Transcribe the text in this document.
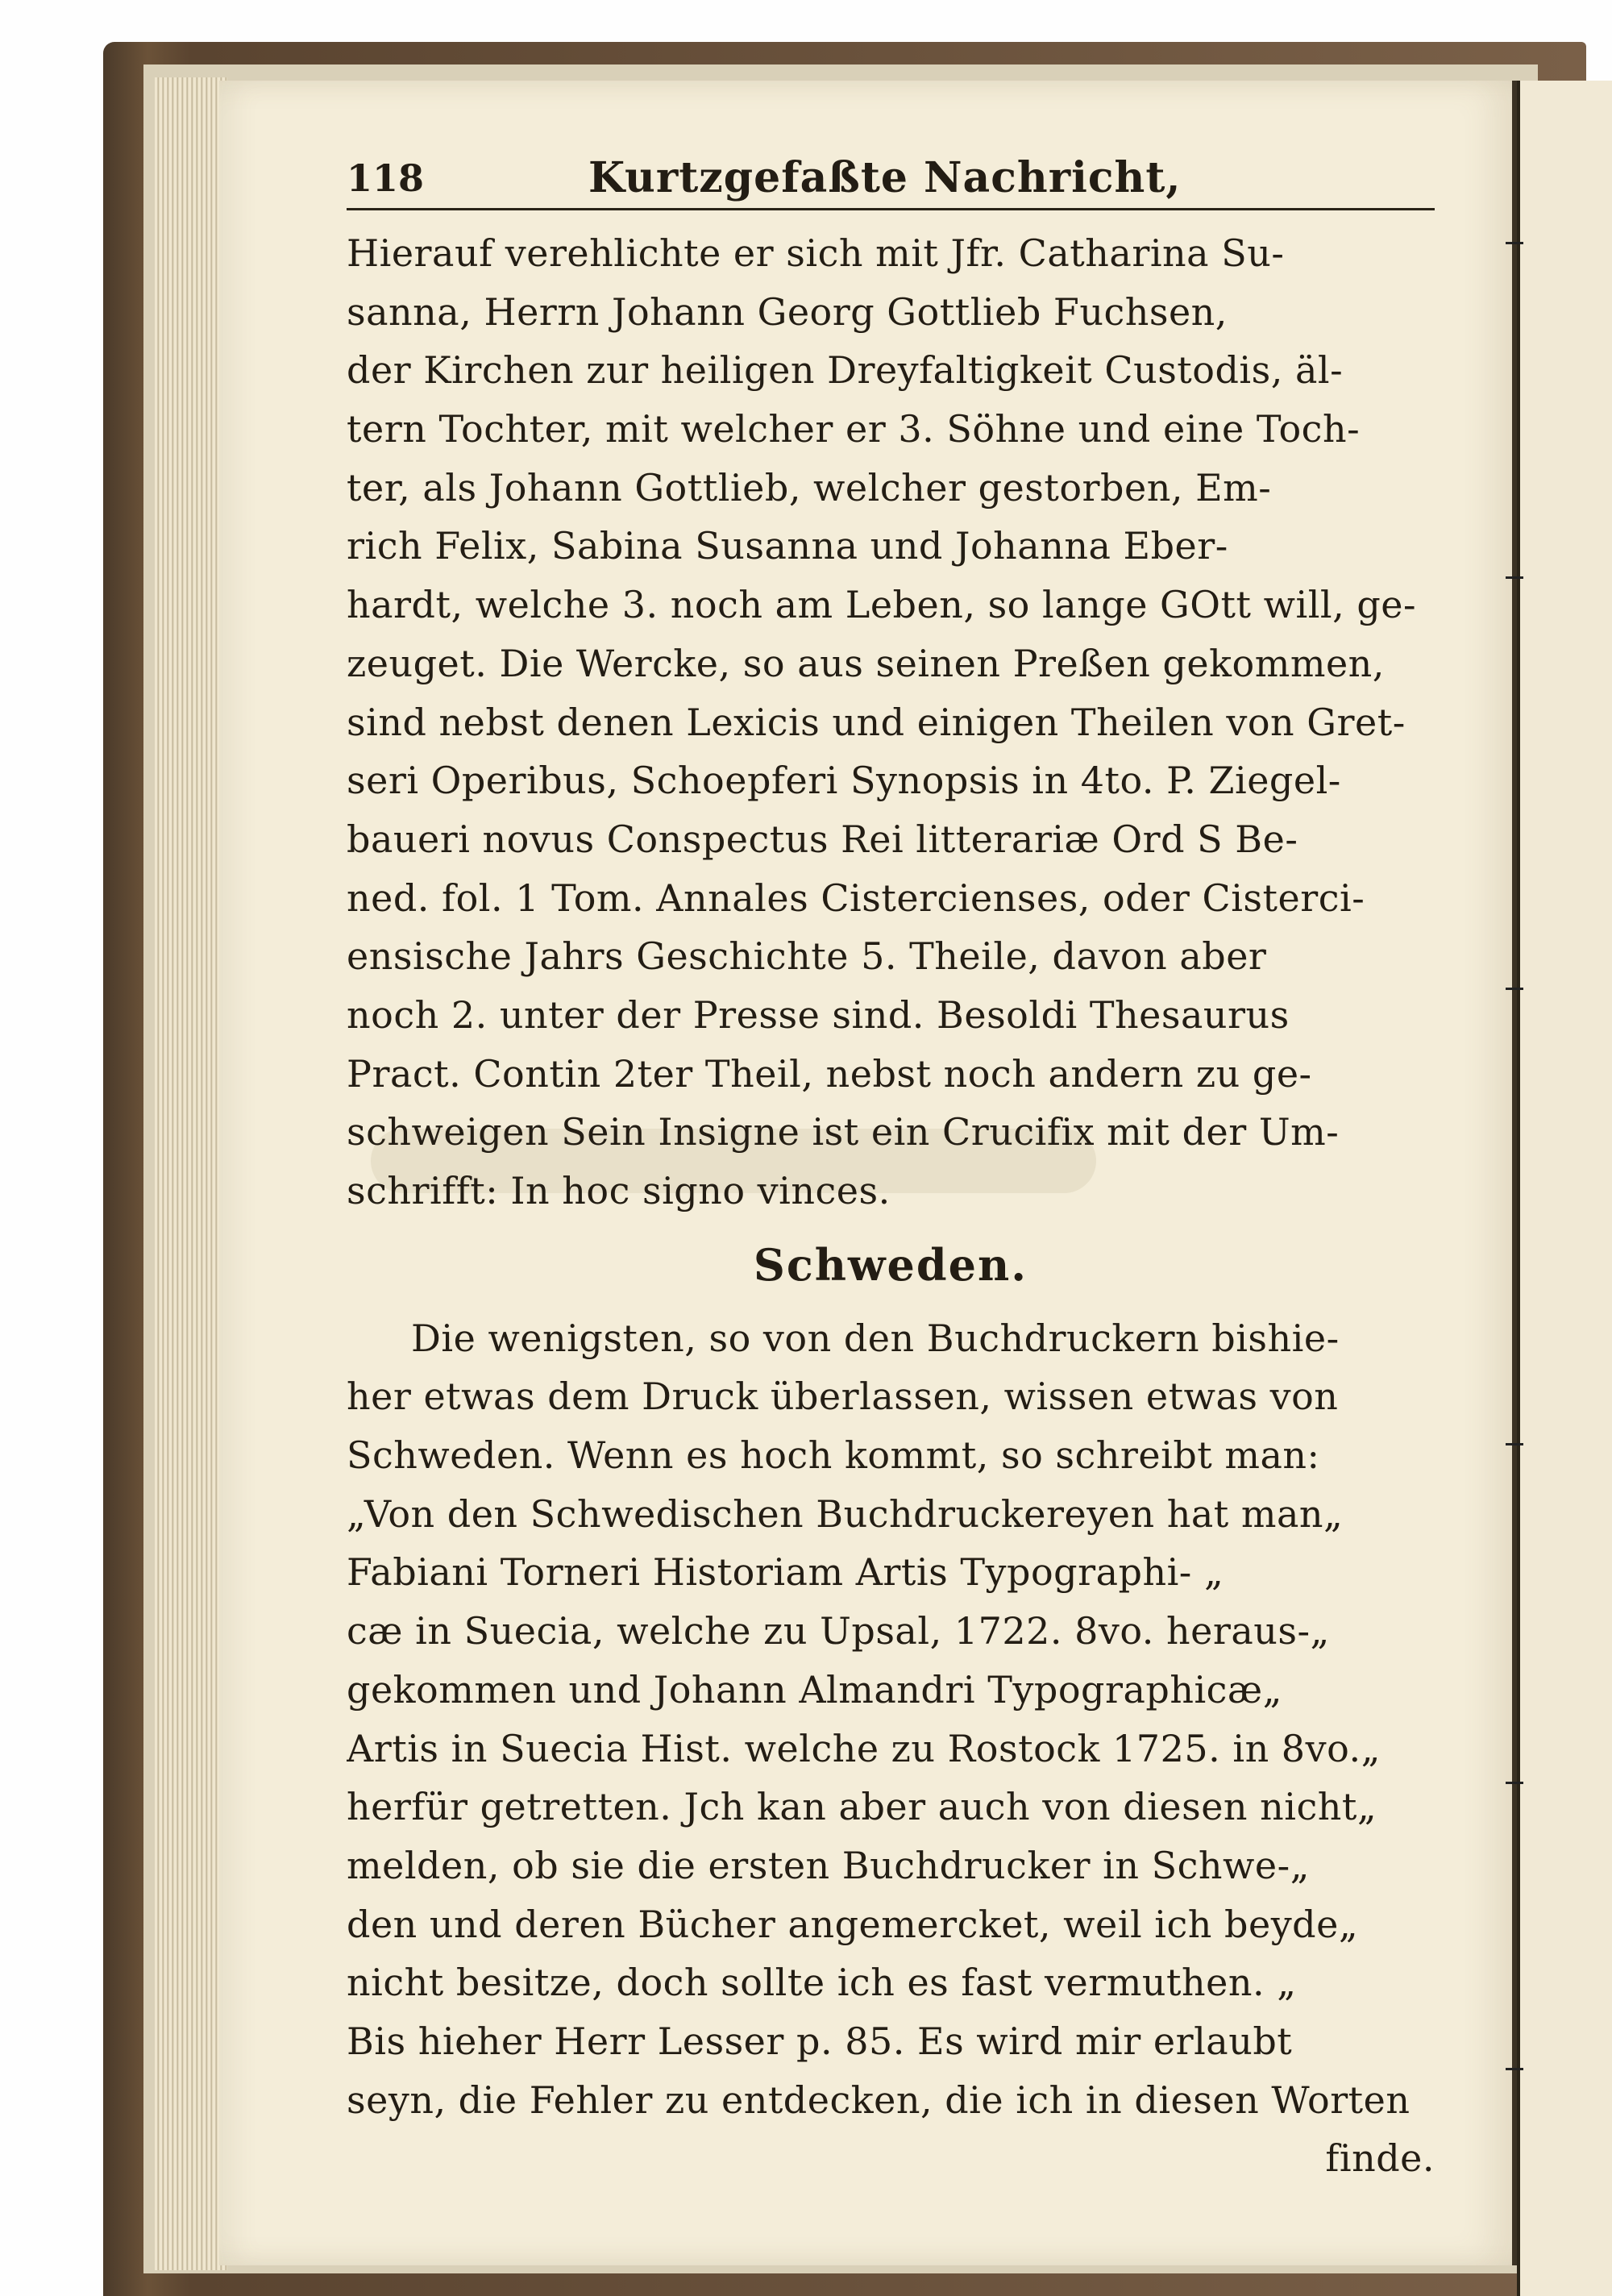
118	Kurtzgefaßte Nachricht,
Hierauf verehlichte er sich mit Jfr. Catharina Su-
sanna, Herrn Johann Georg Gottlieb Fuchsen,
der Kirchen zur heiligen Dreyfaltigkeit Custodis, äl-
tern Tochter, mit welcher er 3. Söhne und eine Toch-
ter, als Johann Gottlieb, welcher gestorben, Em-
rich Felix, Sabina Susanna und Johanna Eber-
hardt, welche 3. noch am Leben, so lange GOtt will, ge-
zeuget. Die Wercke, so aus seinen Preßen gekommen,
sind nebst denen Lexicis und einigen Theilen von Gret-
seri Operibus, Schoepferi Synopsis in 4to. P. Ziegel-
baueri novus Conspectus Rei litterariæ Ord S Be-
ned. fol. 1 Tom. Annales Cistercienses, oder Cisterci-
ensische Jahrs Geschichte 5. Theile, davon aber
noch 2. unter der Presse sind. Besoldi Thesaurus
Pract. Contin 2ter Theil, nebst noch andern zu ge-
schweigen Sein Insigne ist ein Crucifix mit der Um-
schrifft: In hoc signo vinces.
Schweden.
Die wenigsten, so von den Buchdruckern bishie-
her etwas dem Druck überlassen, wissen etwas von
Schweden. Wenn es hoch kommt, so schreibt man:
„Von den Schwedischen Buchdruckereyen hat man„
Fabiani Torneri Historiam Artis Typographi- „
cæ in Suecia, welche zu Upsal, 1722. 8vo. heraus-„
gekommen und Johann Almandri Typographicæ„
Artis in Suecia Hist. welche zu Rostock 1725. in 8vo.„
herfür getretten. Jch kan aber auch von diesen nicht„
melden, ob sie die ersten Buchdrucker in Schwe-„
den und deren Bücher angemercket, weil ich beyde„
nicht besitze, doch sollte ich es fast vermuthen. „
Bis hieher Herr Lesser p. 85. Es wird mir erlaubt
seyn, die Fehler zu entdecken, die ich in diesen Worten
finde.
